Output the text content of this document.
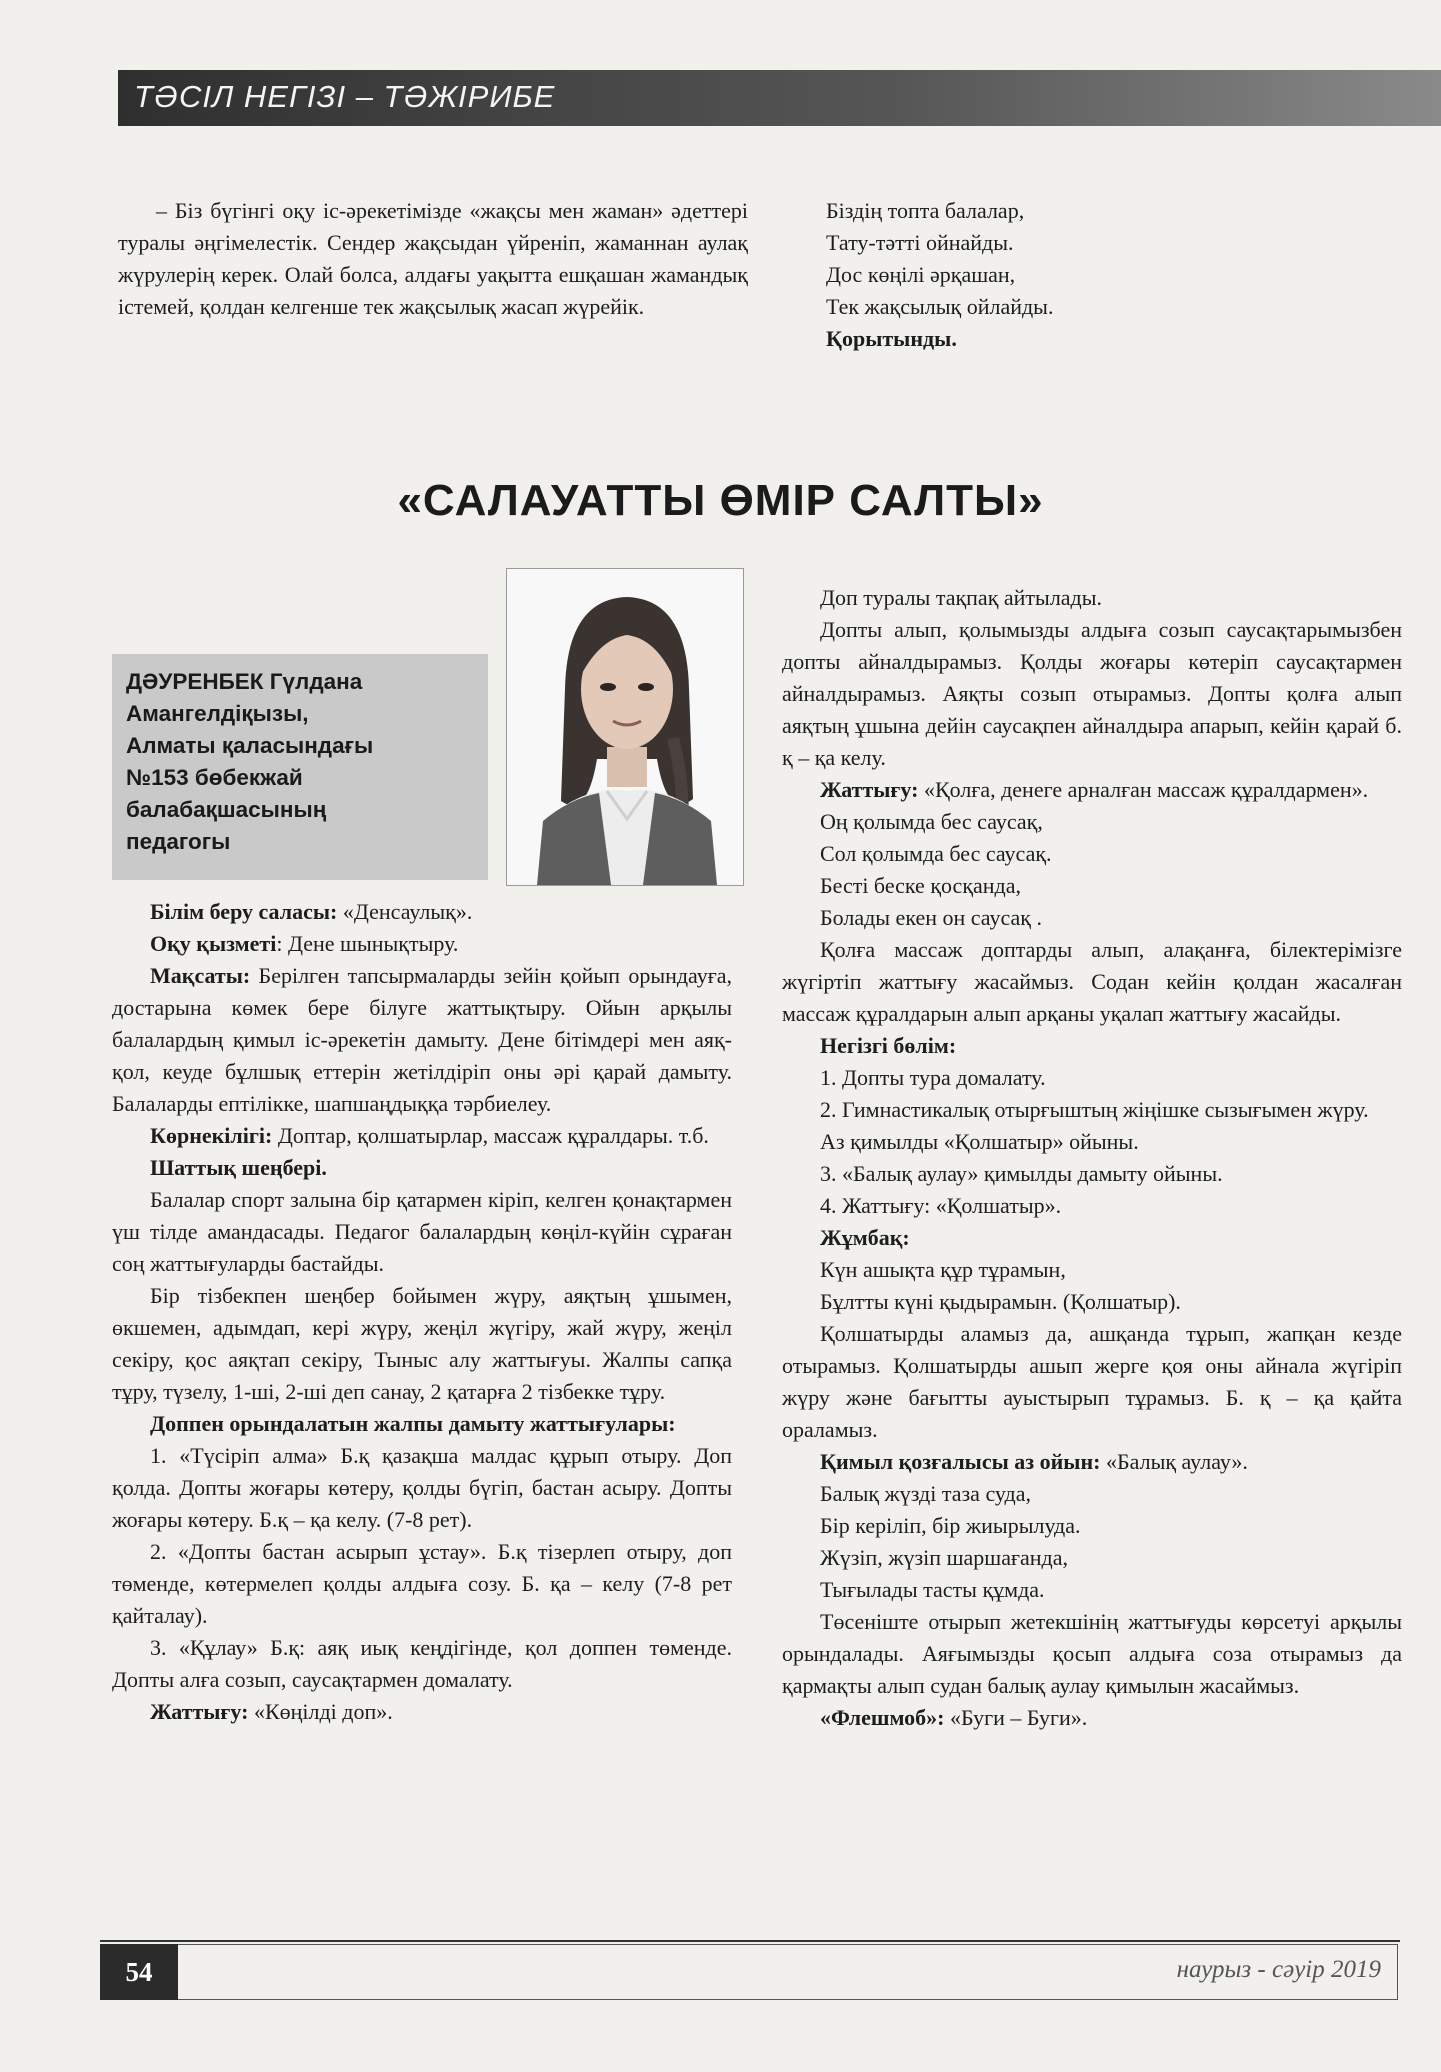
ТӘСІЛ НЕГІЗІ – ТӘЖІРИБЕ

– Біз бүгінгі оқу іс-әрекетімізде «жақсы мен жаман» әдеттері туралы әңгімелестік. Сендер жақсыдан үйреніп, жаманнан аулақ жүрулерің керек. Олай болса, алдағы уақытта ешқашан жамандық істемей, қолдан келгенше тек жақсылық жасап жүрейік.

Біздің топта балалар,

Тату-тәтті ойнайды.

Дос көңілі әрқашан,

Тек жақсылық ойлайды.

Қорытынды.

«САЛАУАТТЫ ӨМІР САЛТЫ»
ДӘУРЕНБЕК Гүлдана
Амангелдіқызы,
Алматы қаласындағы
№153 бөбекжай
балабақшасының
педагогы

Білім беру саласы: «Денсаулық».

Оқу қызметі: Дене шынықтыру.

Мақсаты: Берілген тапсырмаларды зейін қойып орындауға, достарына көмек бере білуге жаттықтыру. Ойын арқылы балалардың қимыл іс-әрекетін дамыту. Дене бітімдері мен аяқ-қол, кеуде бұлшық еттерін жетілдіріп оны әрі қарай дамыту. Балаларды ептілікке, шапшаңдыққа тәрбиелеу.

Көрнекілігі: Доптар, қолшатырлар, массаж құралдары. т.б.

Шаттық шеңбері.

Балалар спорт залына бір қатармен кіріп, келген қонақтармен үш тілде амандасады. Педагог балалардың көңіл-күйін сұраған соң жаттығуларды бастайды.

Бір тізбекпен шеңбер бойымен жүру, аяқтың ұшымен, өкшемен, адымдап, кері жүру, жеңіл жүгіру, жай жүру, жеңіл секіру, қос аяқтап секіру, Тыныс алу жаттығуы. Жалпы сапқа тұру, түзелу, 1-ші, 2-ші деп санау, 2 қатарға 2 тізбекке тұру.

Доппен орындалатын жалпы дамыту жаттығулары:

1. «Түсіріп алма» Б.қ қазақша малдас құрып отыру. Доп қолда. Допты жоғары көтеру, қолды бүгіп, бастан асыру. Допты жоғары көтеру. Б.қ – қа келу. (7-8 рет).

2. «Допты бастан асырып ұстау». Б.қ тізерлеп отыру, доп төменде, көтермелеп қолды алдыға созу. Б. қа – келу (7-8 рет қайталау).

3. «Құлау» Б.қ: аяқ иық кеңдігінде, қол доппен төменде. Допты алға созып, саусақтармен домалату.

Жаттығу: «Көңілді доп».

Доп туралы тақпақ айтылады.

Допты алып, қолымызды алдыға созып саусақтарымызбен допты айналдырамыз. Қолды жоғары көтеріп саусақтармен айналдырамыз. Аяқты созып отырамыз. Допты қолға алып аяқтың ұшына дейін саусақпен айналдыра апарып, кейін қарай б. қ – қа келу.

Жаттығу: «Қолға, денеге арналған массаж құралдармен».

Оң қолымда бес саусақ,

Сол қолымда бес саусақ.

Бесті беске қосқанда,

Болады екен он саусақ .

Қолға массаж доптарды алып, алақанға, білектерімізге жүгіртіп жаттығу жасаймыз. Содан кейін қолдан жасалған массаж құралдарын алып арқаны уқалап жаттығу жасайды.

Негізгі бөлім:

1. Допты тура домалату.

2. Гимнастикалық отырғыштың жіңішке сызығымен жүру.

Аз қимылды «Қолшатыр» ойыны.

3. «Балық аулау» қимылды дамыту ойыны.

4. Жаттығу: «Қолшатыр».

Жұмбақ:

Күн ашықта құр тұрамын,

Бұлтты күні қыдырамын. (Қолшатыр).

Қолшатырды аламыз да, ашқанда тұрып, жапқан кезде отырамыз. Қолшатырды ашып жерге қоя оны айнала жүгіріп жүру және бағытты ауыстырып тұрамыз. Б. қ – қа қайта ораламыз.

Қимыл қозғалысы аз ойын: «Балық аулау».

Балық жүзді таза суда,

Бір керіліп, бір жиырылуда.

Жүзіп, жүзіп шаршағанда,

Тығылады тасты құмда.

Төсеніште отырып жетекшінің жаттығуды көрсетуі арқылы орындалады. Аяғымызды қосып алдыға соза отырамыз да қармақты алып судан балық аулау қимылын жасаймыз.

«Флешмоб»: «Буги – Буги».

54	наурыз - сәуір 2019
